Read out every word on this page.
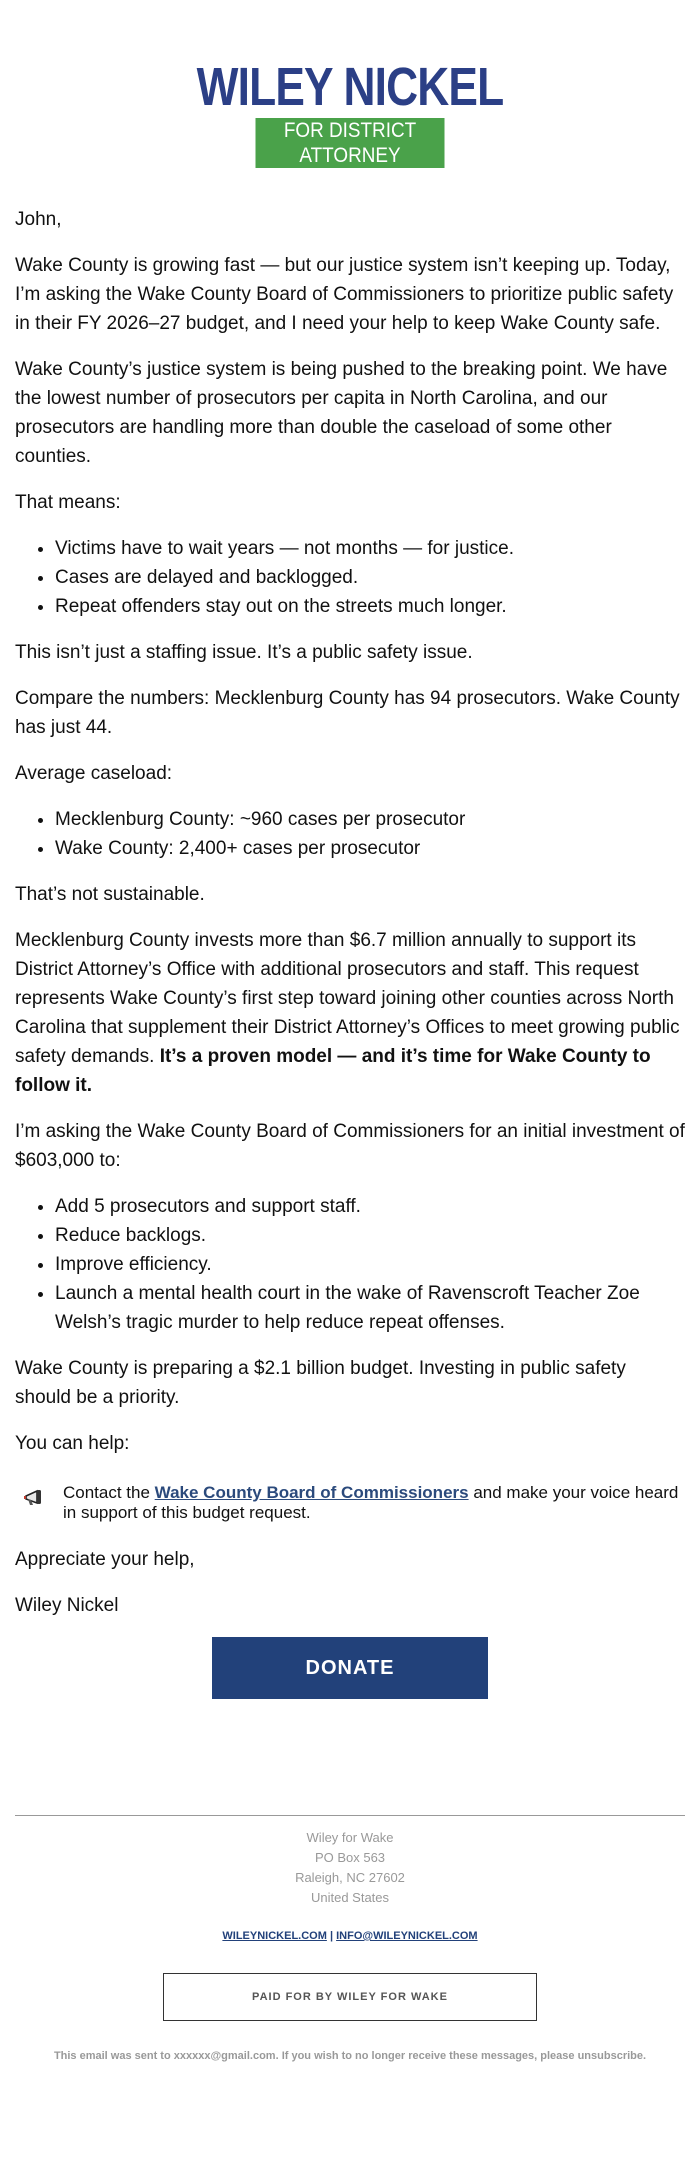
WILEY NICKEL
FOR DISTRICT ATTORNEY

John,

Wake County is growing fast — but our justice system isn’t keeping up. Today, I’m asking the Wake County Board of Commissioners to prioritize public safety in their FY 2026–27 budget, and I need your help to keep Wake County safe.

Wake County’s justice system is being pushed to the breaking point. We have the lowest number of prosecutors per capita in North Carolina, and our prosecutors are handling more than double the caseload of some other counties.

That means:

• Victims have to wait years — not months — for justice.
• Cases are delayed and backlogged.
• Repeat offenders stay out on the streets much longer.

This isn’t just a staffing issue. It’s a public safety issue.

Compare the numbers: Mecklenburg County has 94 prosecutors. Wake County has just 44.

Average caseload:

• Mecklenburg County: ~960 cases per prosecutor
• Wake County: 2,400+ cases per prosecutor

That’s not sustainable.

Mecklenburg County invests more than $6.7 million annually to support its District Attorney’s Office with additional prosecutors and staff. This request represents Wake County’s first step toward joining other counties across North Carolina that supplement their District Attorney’s Offices to meet growing public safety demands. It’s a proven model — and it’s time for Wake County to follow it.

I’m asking the Wake County Board of Commissioners for an initial investment of $603,000 to:

• Add 5 prosecutors and support staff.
• Reduce backlogs.
• Improve efficiency.
• Launch a mental health court in the wake of Ravenscroft Teacher Zoe Welsh’s tragic murder to help reduce repeat offenses.

Wake County is preparing a $2.1 billion budget. Investing in public safety should be a priority.

You can help:

Contact the Wake County Board of Commissioners and make your voice heard in support of this budget request.

Appreciate your help,

Wiley Nickel

DONATE
Wiley for Wake
PO Box 563
Raleigh, NC 27602
United States
WILEYNICKEL.COM | INFO@WILEYNICKEL.COM
PAID FOR BY WILEY FOR WAKE
This email was sent to xxxxxx@gmail.com. If you wish to no longer receive these messages, please unsubscribe.
